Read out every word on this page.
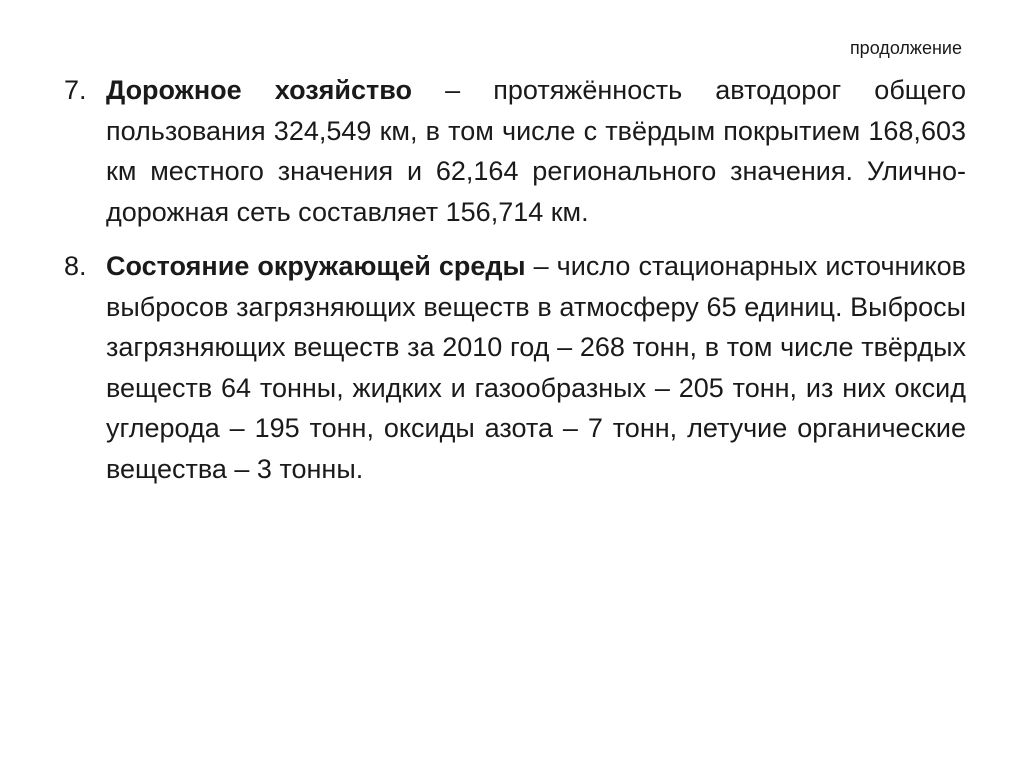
продолжение
7. Дорожное хозяйство – протяжённость автодорог общего пользования 324,549 км, в том числе с твёрдым покрытием 168,603 км местного значения и 62,164 регионального значения. Улично-дорожная сеть составляет 156,714 км.
8. Состояние окружающей среды – число стационарных источников выбросов загрязняющих веществ в атмосферу 65 единиц. Выбросы загрязняющих веществ за 2010 год – 268 тонн, в том числе твёрдых веществ 64 тонны, жидких и газообразных – 205 тонн, из них оксид углерода – 195 тонн, оксиды азота – 7 тонн, летучие органические вещества – 3 тонны.
